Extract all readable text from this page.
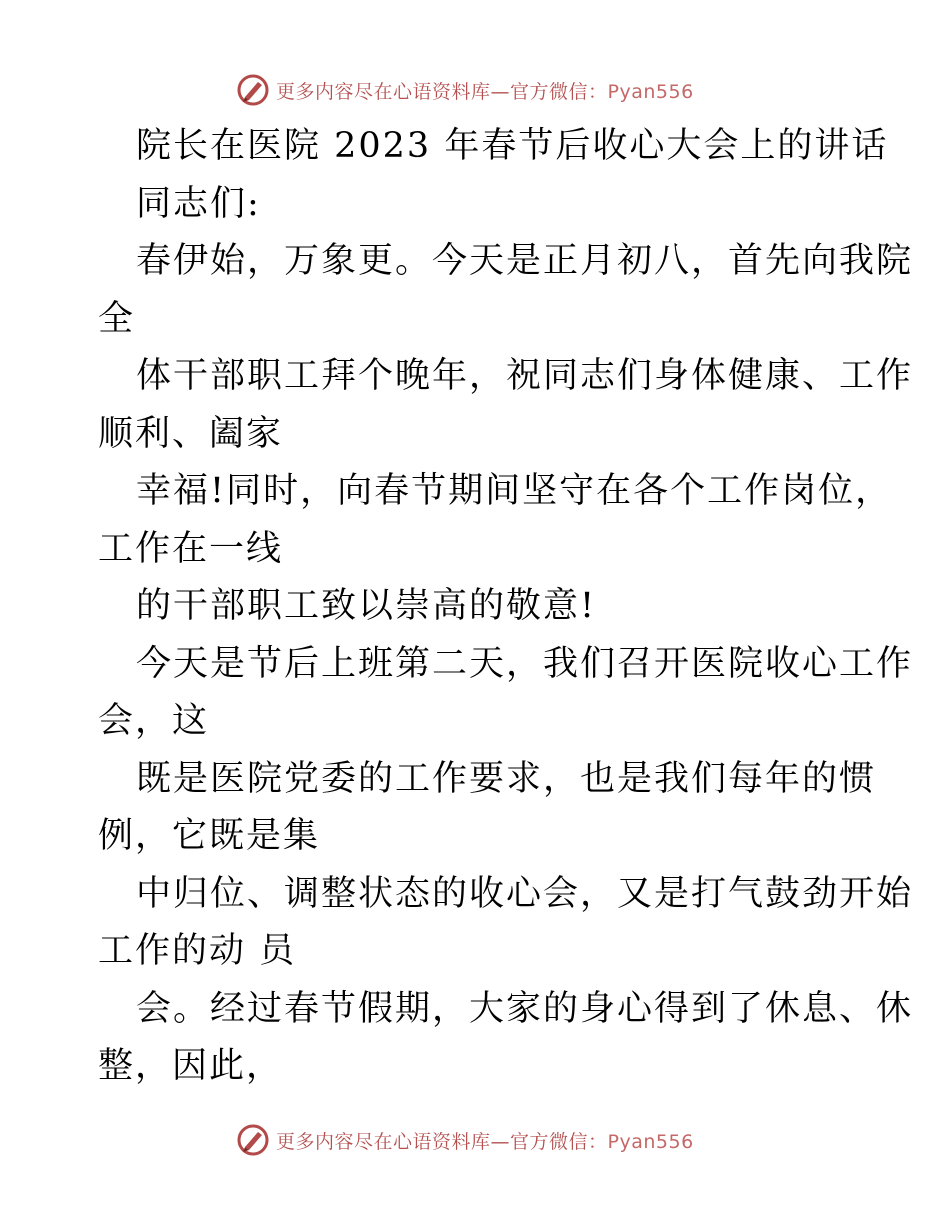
更多内容尽在心语资料库—官方微信：Pyan556
院长在医院 2023 年春节后收心大会上的讲话
同志们:
春伊始，万象更。今天是正月初八，首先向我院
全
体干部职工拜个晚年，祝同志们身体健康、工作
顺利、阖家
幸福!同时，向春节期间坚守在各个工作岗位，
工作在一线
的干部职工致以崇高的敬意!
今天是节后上班第二天，我们召开医院收心工作
会，这
既是医院党委的工作要求，也是我们每年的惯
例，它既是集
中归位、调整状态的收心会，又是打气鼓劲开始
工作的动 员
会。经过春节假期，大家的身心得到了休息、休
整，因此，
更多内容尽在心语资料库—官方微信：Pyan556
